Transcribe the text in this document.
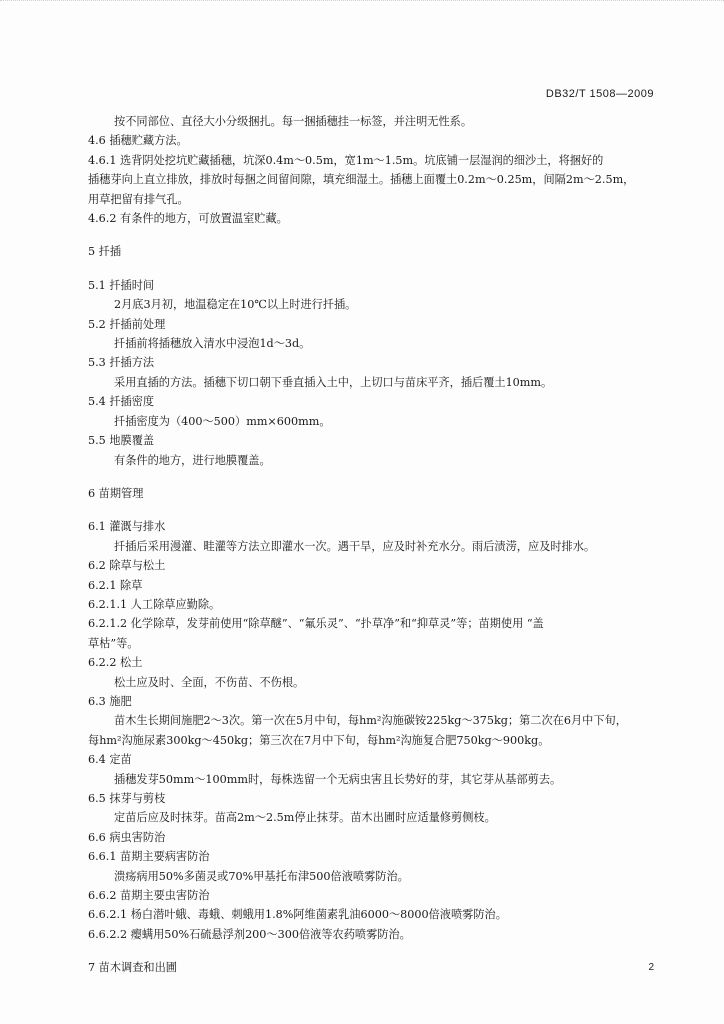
DB32/T 1508—2009
按不同部位、直径大小分级捆扎。每一捆插穗挂一标签，并注明无性系。
4.6 插穗贮藏方法。
4.6.1 选背阴处挖坑贮藏插穗，坑深0.4m～0.5m，宽1m～1.5m。坑底铺一层湿润的细沙土，将捆好的
插穗芽向上直立排放，排放时每捆之间留间隙，填充细湿土。插穗上面覆土0.2m～0.25m，间隔2m～2.5m，
用草把留有排气孔。
4.6.2 有条件的地方，可放置温室贮藏。
5 扦插
5.1 扦插时间
2月底3月初，地温稳定在10℃以上时进行扦插。
5.2 扦插前处理
扦插前将插穗放入清水中浸泡1d～3d。
5.3 扦插方法
采用直插的方法。插穗下切口朝下垂直插入土中，上切口与苗床平齐，插后覆土10mm。
5.4 扦插密度
扦插密度为（400～500）mm×600mm。
5.5 地膜覆盖
有条件的地方，进行地膜覆盖。
6 苗期管理
6.1 灌溉与排水
扦插后采用漫灌、畦灌等方法立即灌水一次。遇干旱，应及时补充水分。雨后渍涝，应及时排水。
6.2 除草与松土
6.2.1 除草
6.2.1.1 人工除草应勤除。
6.2.1.2 化学除草，发芽前使用“除草醚”、“氟乐灵”、“扑草净”和“抑草灵”等；苗期使用 “盖
草枯”等。
6.2.2 松土
松土应及时、全面，不伤苗、不伤根。
6.3 施肥
苗木生长期间施肥2～3次。第一次在5月中旬，每hm²沟施碳铵225kg～375kg；第二次在6月中下旬，
每hm²沟施尿素300kg～450kg；第三次在7月中下旬，每hm²沟施复合肥750kg～900kg。
6.4 定苗
插穗发芽50mm～100mm时，每株选留一个无病虫害且长势好的芽，其它芽从基部剪去。
6.5 抹芽与剪枝
定苗后应及时抹芽。苗高2m～2.5m停止抹芽。苗木出圃时应适量修剪侧枝。
6.6 病虫害防治
6.6.1 苗期主要病害防治
溃疡病用50%多菌灵或70%甲基托布津500倍液喷雾防治。
6.6.2 苗期主要虫害防治
6.6.2.1 杨白潜叶蛾、毒蛾、刺蛾用1.8%阿维菌素乳油6000～8000倍液喷雾防治。
6.6.2.2 瘿螨用50%石硫悬浮剂200～300倍液等农药喷雾防治。
7 苗木调查和出圃	2
